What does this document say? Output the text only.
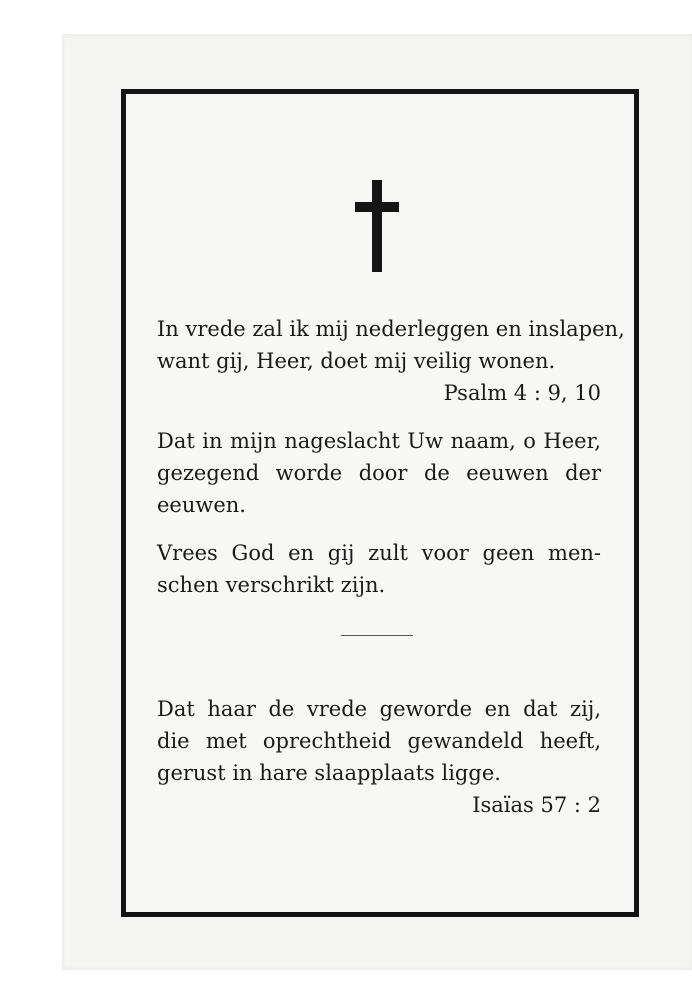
In vrede zal ik mij nederleggen en inslapen,
want gij, Heer, doet mij veilig wonen.
Psalm 4 : 9, 10
Dat in mijn nageslacht Uw naam, o Heer,
gezegend worde door de eeuwen der
eeuwen.
Vrees God en gij zult voor geen men-
schen verschrikt zijn.
Dat haar de vrede geworde en dat zij,
die met oprechtheid gewandeld heeft,
gerust in hare slaapplaats ligge.
Isaïas 57 : 2
